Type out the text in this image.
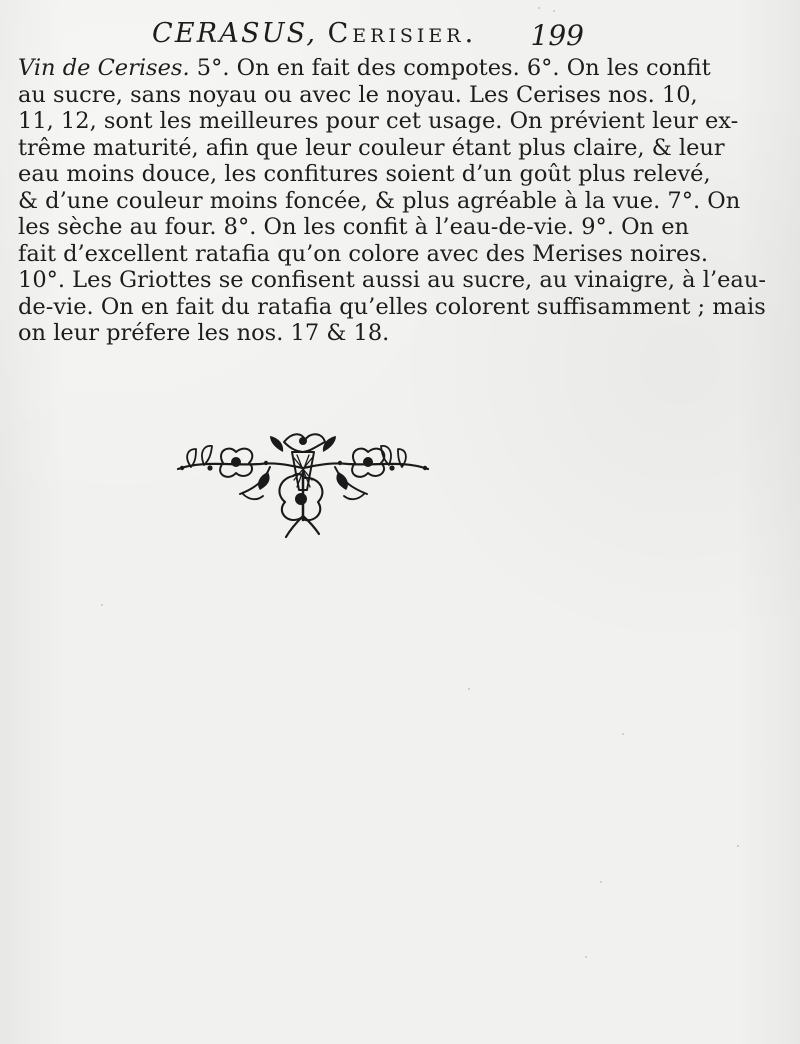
CERASUS, Cerisier. 199
Vin de Cerises. 5°. On en fait des compotes. 6°. On les confit
au sucre, sans noyau ou avec le noyau. Les Cerises nos. 10,
11, 12, sont les meilleures pour cet usage. On prévient leur ex-
trême maturité, afin que leur couleur étant plus claire, & leur
eau moins douce, les confitures soient d’un goût plus relevé,
& d’une couleur moins foncée, & plus agréable à la vue. 7°. On
les sèche au four. 8°. On les confit à l’eau-de-vie. 9°. On en
fait d’excellent ratafia qu’on colore avec des Merises noires.
10°. Les Griottes se confisent aussi au sucre, au vinaigre, à l’eau-
de-vie. On en fait du ratafia qu’elles colorent suffisamment ; mais
on leur préfere les nos. 17 & 18.
